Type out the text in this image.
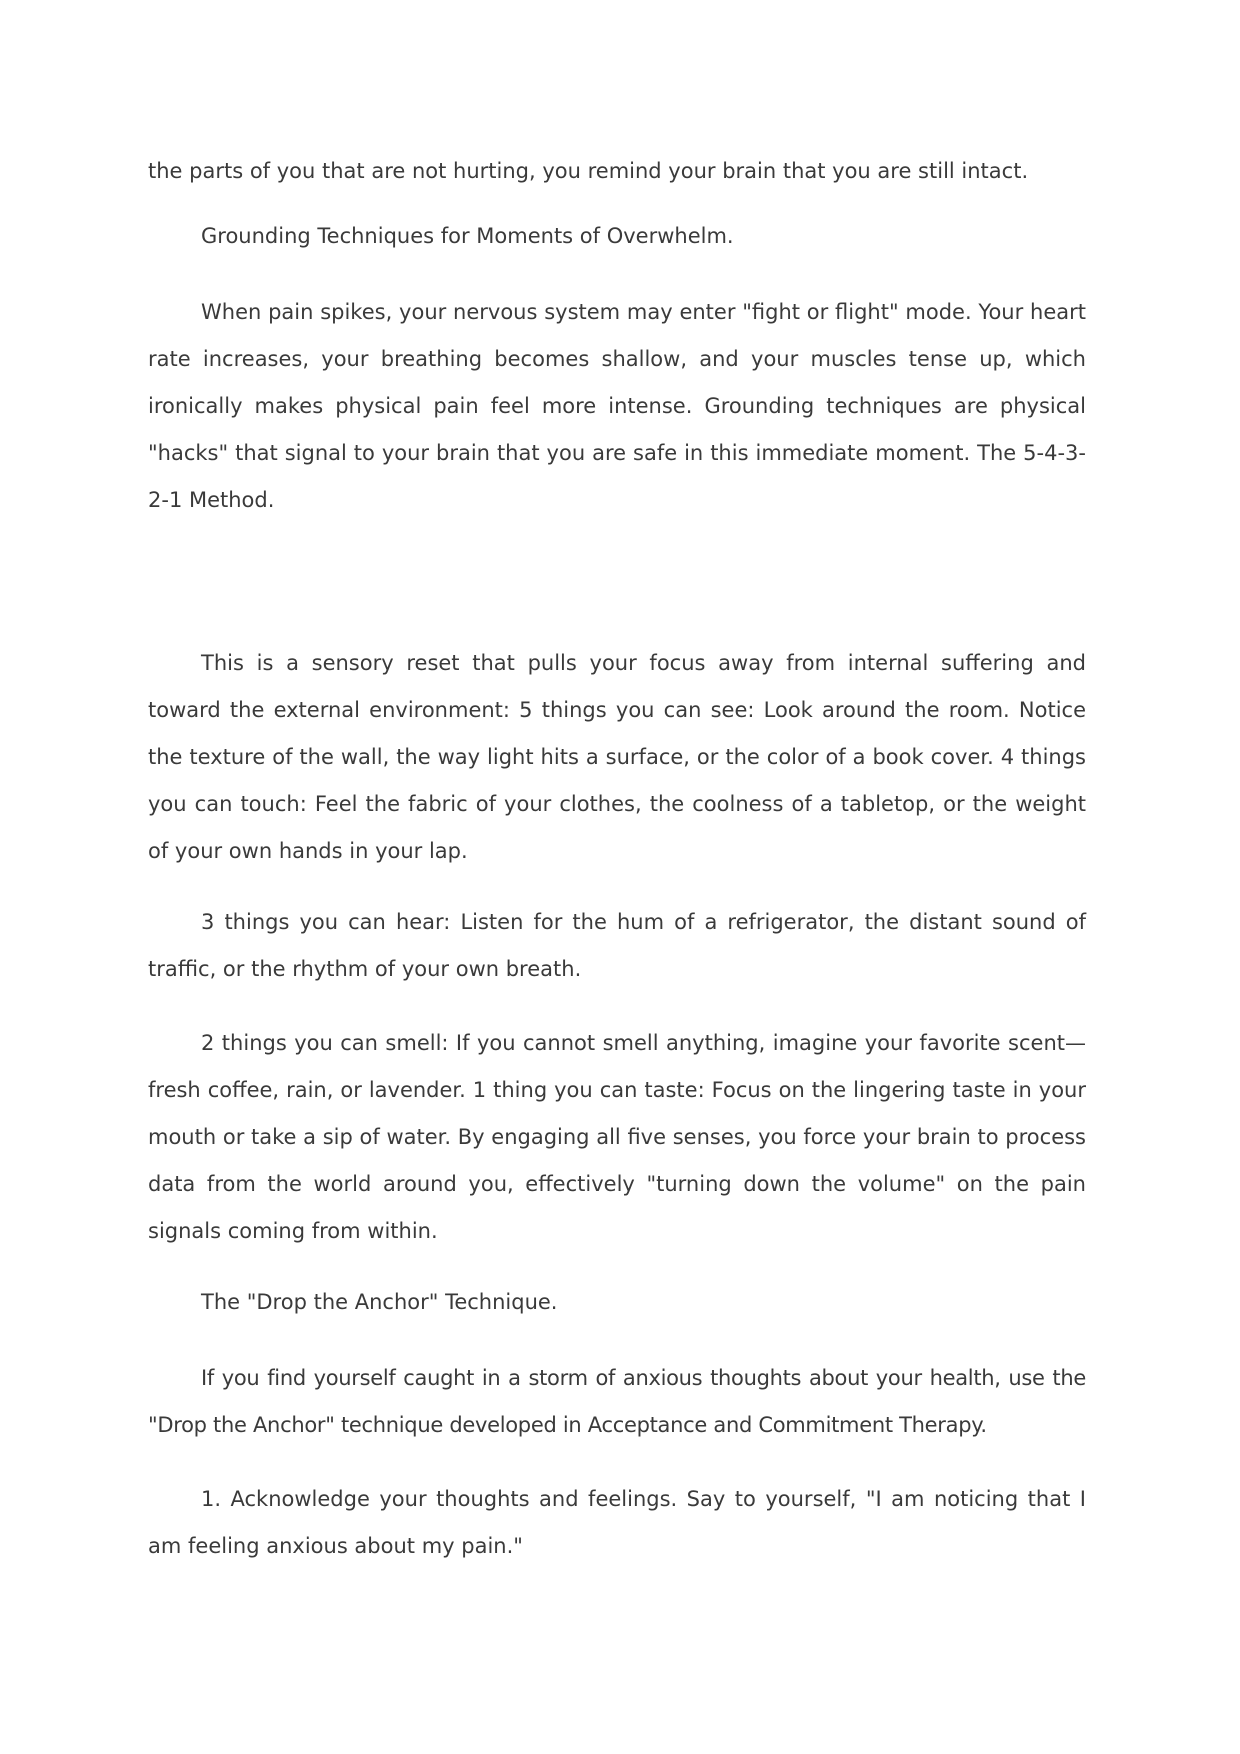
the parts of you that are not hurting, you remind your brain that you are still intact.

Grounding Techniques for Moments of Overwhelm.

When pain spikes, your nervous system may enter "fight or flight" mode. Your heart rate increases, your breathing becomes shallow, and your muscles tense up, which ironically makes physical pain feel more intense. Grounding techniques are physical "hacks" that signal to your brain that you are safe in this immediate moment. The 5-4-3-2-1 Method.

This is a sensory reset that pulls your focus away from internal suffering and toward the external environment: 5 things you can see: Look around the room. Notice the texture of the wall, the way light hits a surface, or the color of a book cover. 4 things you can touch: Feel the fabric of your clothes, the coolness of a tabletop, or the weight of your own hands in your lap.

3 things you can hear: Listen for the hum of a refrigerator, the distant sound of traffic, or the rhythm of your own breath.

2 things you can smell: If you cannot smell anything, imagine your favorite scent—fresh coffee, rain, or lavender. 1 thing you can taste: Focus on the lingering taste in your mouth or take a sip of water. By engaging all five senses, you force your brain to process data from the world around you, effectively "turning down the volume" on the pain signals coming from within.

The "Drop the Anchor" Technique.

If you find yourself caught in a storm of anxious thoughts about your health, use the "Drop the Anchor" technique developed in Acceptance and Commitment Therapy.

1. Acknowledge your thoughts and feelings. Say to yourself, "I am noticing that I am feeling anxious about my pain."
